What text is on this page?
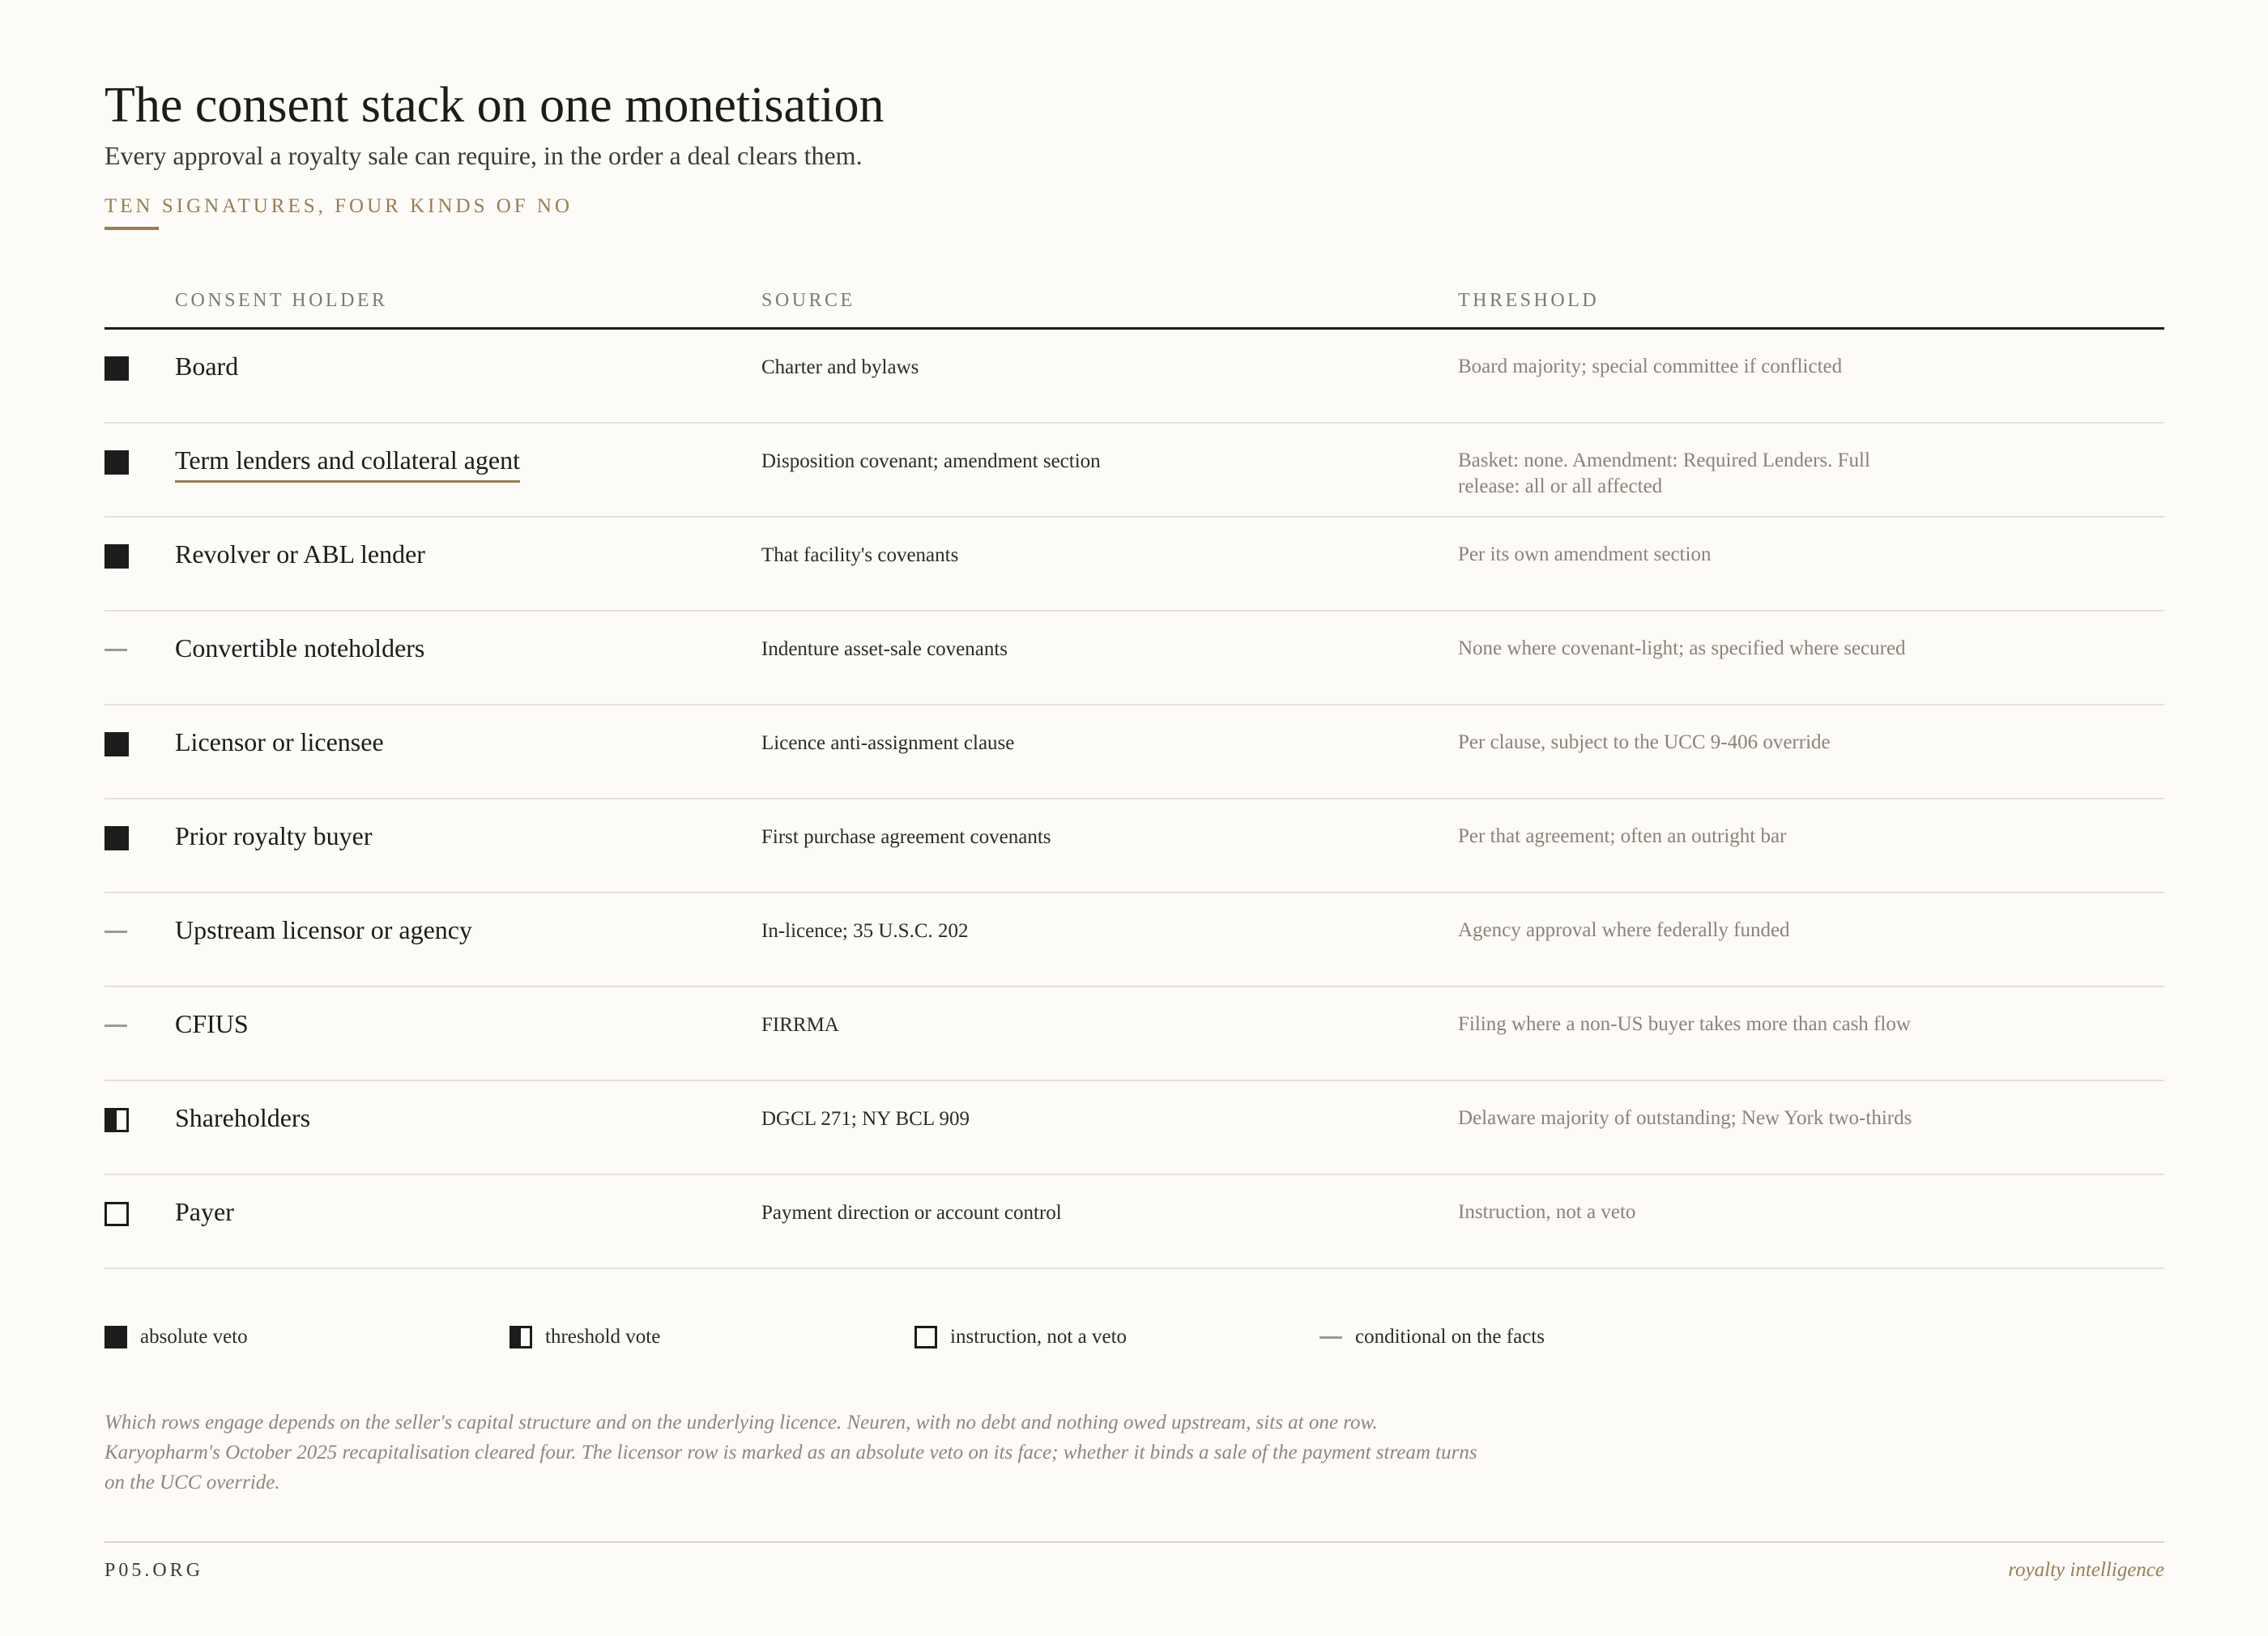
The consent stack on one monetisation
Every approval a royalty sale can require, in the order a deal clears them.
TEN SIGNATURES, FOUR KINDS OF NO
CONSENT HOLDER	SOURCE	THRESHOLD
Board	Charter and bylaws	Board majority; special committee if conflicted
Term lenders and collateral agent	Disposition covenant; amendment section	Basket: none. Amendment: Required Lenders. Full release: all or all affected
Revolver or ABL lender	That facility's covenants	Per its own amendment section
Convertible noteholders	Indenture asset-sale covenants	None where covenant-light; as specified where secured
Licensor or licensee	Licence anti-assignment clause	Per clause, subject to the UCC 9-406 override
Prior royalty buyer	First purchase agreement covenants	Per that agreement; often an outright bar
Upstream licensor or agency	In-licence; 35 U.S.C. 202	Agency approval where federally funded
CFIUS	FIRRMA	Filing where a non-US buyer takes more than cash flow
Shareholders	DGCL 271; NY BCL 909	Delaware majority of outstanding; New York two-thirds
Payer	Payment direction or account control	Instruction, not a veto
absolute veto	threshold vote	instruction, not a veto	conditional on the facts
Which rows engage depends on the seller's capital structure and on the underlying licence. Neuren, with no debt and nothing owed upstream, sits at one row. Karyopharm's October 2025 recapitalisation cleared four. The licensor row is marked as an absolute veto on its face; whether it binds a sale of the payment stream turns on the UCC override.
P05.ORG	royalty intelligence
